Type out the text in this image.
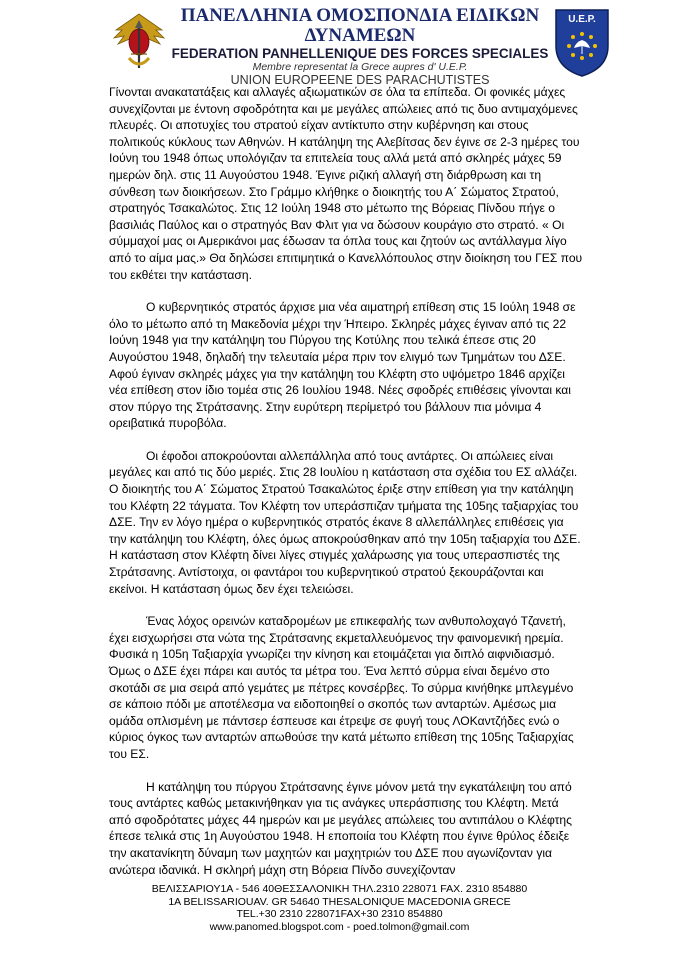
ΠΑΝΕΛΛΗΝΙΑ ΟΜΟΣΠΟΝΔΙΑ ΕΙΔΙΚΩΝ ΔΥΝΑΜΕΩΝ
FEDERATION PANHELLENIQUE DES FORCES SPECIALES
Membre representat la Grece aupres d' U.E.P.
UNION EUROPEENE DES PARACHUTISTES
U.E.P.

Γίνονται ανακατατάξεις και αλλαγές αξιωματικών σε όλα τα επίπεδα. Οι φονικές μάχες συνεχίζονται με έντονη σφοδρότητα και με μεγάλες απώλειες από τις δυο αντιμαχόμενες πλευρές. Οι αποτυχίες του στρατού είχαν αντίκτυπο στην κυβέρνηση και στους πολιτικούς κύκλους των Αθηνών. Η κατάληψη της Αλεβίτσας δεν έγινε σε 2-3 ημέρες του Ιούνη του 1948 όπως υπολόγιζαν τα επιτελεία τους αλλά μετά από σκληρές μάχες 59 ημερών δηλ. στις 11 Αυγούστου 1948. Έγινε ριζική αλλαγή στη διάρθρωση και τη σύνθεση των διοικήσεων. Στο Γράμμο κλήθηκε ο διοικητής του Α΄ Σώματος Στρατού, στρατηγός Τσακαλώτος. Στις 12 Ιούλη 1948 στο μέτωπο της Βόρειας Πίνδου πήγε ο βασιλιάς Παύλος και ο στρατηγός Βαν Φλιτ για να δώσουν κουράγιο στο στρατό. « Οι σύμμαχοί μας οι Αμερικάνοι μας έδωσαν τα όπλα τους και ζητούν ως αντάλλαγμα λίγο από το αίμα μας.» Θα δηλώσει επιτιμητικά ο Κανελλόπουλος στην διοίκηση του ΓΕΣ που του εκθέτει την κατάσταση.

Ο κυβερνητικός στρατός άρχισε μια νέα αιματηρή επίθεση στις 15 Ιούλη 1948 σε όλο το μέτωπο από τη Μακεδονία μέχρι την Ήπειρο. Σκληρές μάχες έγιναν από τις 22 Ιούνη 1948 για την κατάληψη του Πύργου της Κοτύλης που τελικά έπεσε στις 20 Αυγούστου 1948, δηλαδή την τελευταία μέρα πριν τον ελιγμό των Τμημάτων του ΔΣΕ. Αφού έγιναν σκληρές μάχες για την κατάληψη του Κλέφτη στο υψόμετρο 1846 αρχίζει νέα επίθεση στον ίδιο τομέα στις 26 Ιουλίου 1948. Νέες σφοδρές επιθέσεις γίνονται και στον πύργο της Στράτσανης. Στην ευρύτερη περίμετρό του βάλλουν πια μόνιμα 4 ορειβατικά πυροβόλα.

Οι έφοδοι αποκρούονται αλλεπάλληλα από τους αντάρτες. Οι απώλειες είναι μεγάλες και από τις δύο μεριές. Στις 28 Ιουλίου η κατάσταση στα σχέδια του ΕΣ αλλάζει. Ο διοικητής του Α΄ Σώματος Στρατού Τσακαλώτος έριξε στην επίθεση για την κατάληψη του Κλέφτη 22 τάγματα. Τον Κλέφτη τον υπεράσπιζαν τμήματα της 105ης ταξιαρχίας του ΔΣΕ. Την εν λόγο ημέρα ο κυβερνητικός στρατός έκανε 8 αλλεπάλληλες επιθέσεις για την κατάληψη του Κλέφτη, όλες όμως αποκρούσθηκαν από την 105η ταξιαρχία του ΔΣΕ. Η κατάσταση στον Κλέφτη δίνει λίγες στιγμές χαλάρωσης για τους υπερασπιστές της Στράτσανης. Αντίστοιχα, οι φαντάροι του κυβερνητικού στρατού ξεκουράζονται και εκείνοι. Η κατάσταση όμως δεν έχει τελειώσει.

Ένας λόχος ορεινών καταδρομέων με επικεφαλής των ανθυπολοχαγό Τζανετή, έχει εισχωρήσει στα νώτα της Στράτσανης εκμεταλλευόμενος την φαινομενική ηρεμία. Φυσικά η 105η Ταξιαρχία γνωρίζει την κίνηση και ετοιμάζεται για διπλό αιφνιδιασμό. Όμως ο ΔΣΕ έχει πάρει και αυτός τα μέτρα του. Ένα λεπτό σύρμα είναι δεμένο στο σκοτάδι σε μια σειρά από γεμάτες με πέτρες κονσέρβες. Το σύρμα κινήθηκε μπλεγμένο σε κάποιο πόδι με αποτέλεσμα να ειδοποιηθεί ο σκοπός των ανταρτών. Αμέσως μια ομάδα οπλισμένη με πάντσερ έσπευσε και έτρεψε σε φυγή τους ΛΟΚαντζήδες ενώ ο κύριος όγκος των ανταρτών απωθούσε την κατά μέτωπο επίθεση της 105ης Ταξιαρχίας του ΕΣ.

Η κατάληψη του πύργου Στράτσανης έγινε μόνον μετά την εγκατάλειψη του από τους αντάρτες καθώς μετακινήθηκαν για τις ανάγκες υπεράσπισης του Κλέφτη. Μετά από σφοδρότατες μάχες 44 ημερών και με μεγάλες απώλειες του αντιπάλου ο Κλέφτης έπεσε τελικά στις 1η Αυγούστου 1948. Η εποποιία του Κλέφτη που έγινε θρύλος έδειξε την ακατανίκητη δύναμη των μαχητών και μαχητριών του ΔΣΕ που αγωνίζονταν για ανώτερα ιδανικά. Η σκληρή μάχη στη Βόρεια Πίνδο συνεχίζονταν

ΒΕΛΙΣΣΑΡΙΟΥ1Α - 546 40ΘΕΣΣΑΛΟΝΙΚΗ ΤΗΛ.2310 228071 FAX. 2310 854880
1Α BELISSARIOUAV. GR 54640 THESALONIQUE MACEDONIA GRECE
TEL.+30 2310 228071FAX+30 2310 854880
www.panomed.blogspot.com - poed.tolmon@gmail.com
